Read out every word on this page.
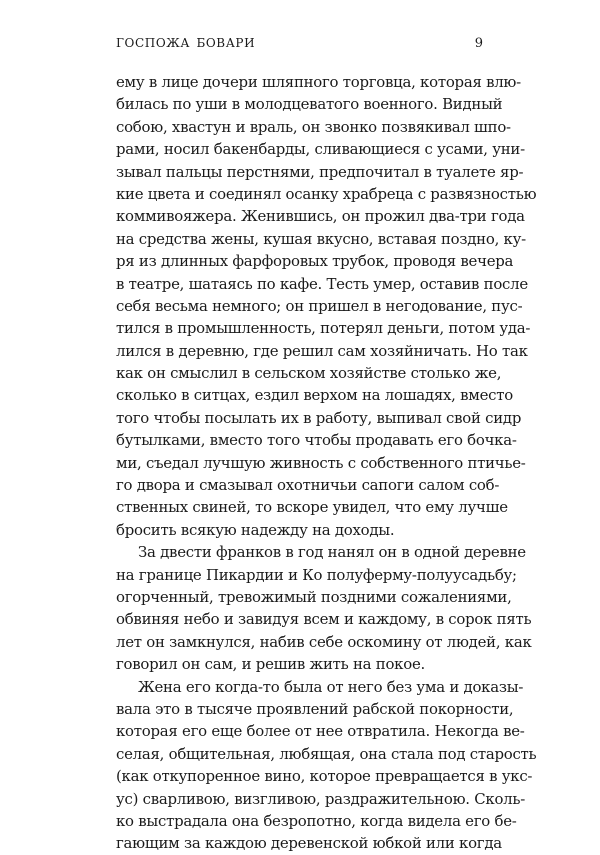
ГОСПОЖА БОВАРИ	9
ему в лице дочери шляпного торговца, которая влю-
билась по уши в молодцеватого военного. Видный
собою, хвастун и враль, он звонко позвякивал шпо-
рами, носил бакенбарды, сливающиеся с усами, уни-
зывал пальцы перстнями, предпочитал в туалете яр-
кие цвета и соединял осанку храбреца с развязностью
коммивояжера. Женившись, он прожил два-три года
на средства жены, кушая вкусно, вставая поздно, ку-
ря из длинных фарфоровых трубок, проводя вечера
в театре, шатаясь по кафе. Тесть умер, оставив после
себя весьма немного; он пришел в негодование, пус-
тился в промышленность, потерял деньги, потом уда-
лился в деревню, где решил сам хозяйничать. Но так
как он смыслил в сельском хозяйстве столько же,
сколько в ситцах, ездил верхом на лошадях, вместо
того чтобы посылать их в работу, выпивал свой сидр
бутылками, вместо того чтобы продавать его бочка-
ми, съедал лучшую живность с собственного птичье-
го двора и смазывал охотничьи сапоги салом соб-
ственных свиней, то вскоре увидел, что ему лучше
бросить всякую надежду на доходы.
За двести франков в год нанял он в одной деревне
на границе Пикардии и Ко полуферму-полуусадьбу;
огорченный, тревожимый поздними сожалениями,
обвиняя небо и завидуя всем и каждому, в сорок пять
лет он замкнулся, набив себе оскомину от людей, как
говорил он сам, и решив жить на покое.
Жена его когда-то была от него без ума и доказы-
вала это в тысяче проявлений рабской покорности,
которая его еще более от нее отвратила. Некогда ве-
селая, общительная, любящая, она стала под старость
(как откупоренное вино, которое превращается в укс-
ус) сварливою, визгливою, раздражительною. Сколь-
ко выстрадала она безропотно, когда видела его бе-
гающим за каждою деревенской юбкой или когда
